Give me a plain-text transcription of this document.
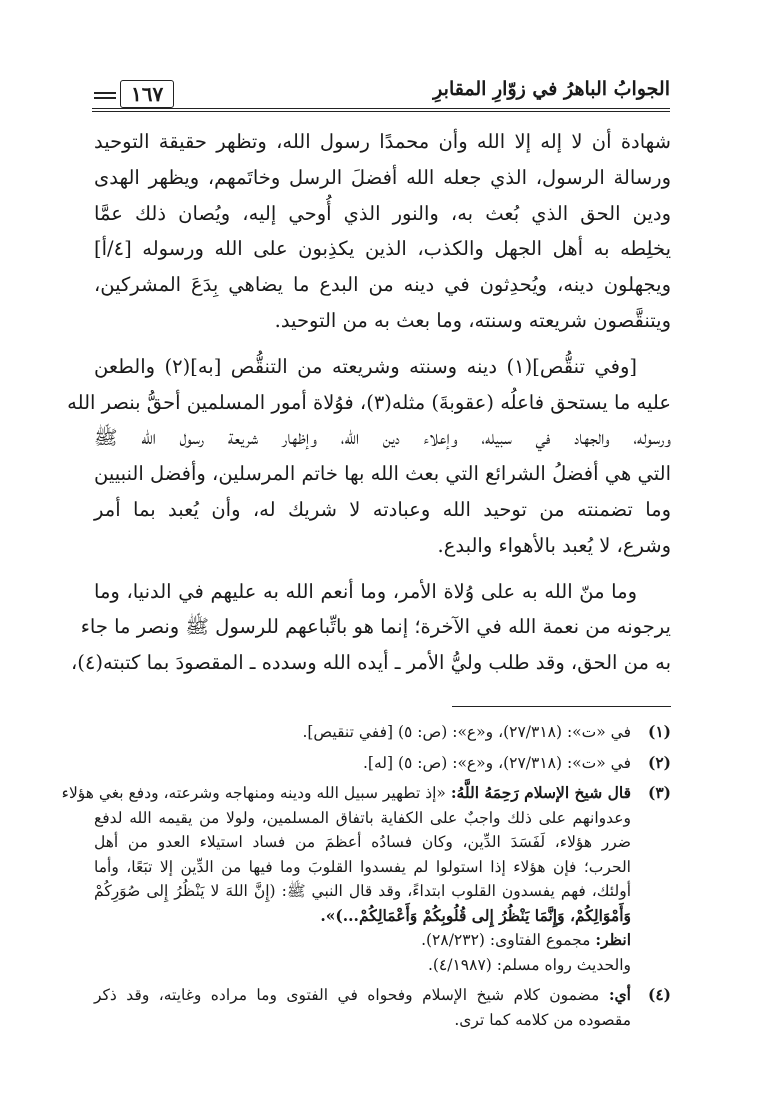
١٦٧	الجوابُ الباهرُ في زوّارِ المقابرِ

شهادة أن لا إله إلا الله وأن محمدًا رسول الله، وتظهر حقيقة التوحيد
ورسالة الرسول، الذي جعله الله أفضلَ الرسل وخاتَمهم، ويظهر الهدى
ودين الحق الذي بُعث به، والنور الذي أُوحي إليه، ويُصان ذلك عمَّا
يخلِطه به أهل الجهل والكذب، الذين يكذِبون على الله ورسوله [٤/أ]
ويجهلون دينه، ويُحدِثون في دينه من البدع ما يضاهي بِدَعَ المشركين،
ويتنقَّصون شريعته وسنته، وما بعث به من التوحيد.

[وفي تنقُّص](١) دينه وسنته وشريعته من التنقُّص [به](٢) والطعن
عليه ما يستحق فاعلُه (عقوبةَ) مثله(٣)، فوُلاة أمور المسلمين أحقُّ بنصر الله
ورسوله، والجهاد في سبيله، وإعلاء دين الله، وإظهار شريعة رسول الله ﷺ
التي هي أفضلُ الشرائع التي بعث الله بها خاتم المرسلين، وأفضل النبيين
وما تضمنته من توحيد الله وعبادته لا شريك له، وأن يُعبد بما أمر
وشرع، لا يُعبد بالأهواء والبدع.

وما منّ الله به على وُلاة الأمر، وما أنعم الله به عليهم في الدنيا، وما
يرجونه من نعمة الله في الآخرة؛ إنما هو باتِّباعهم للرسول ﷺ ونصر ما جاء
به من الحق، وقد طلب وليُّ الأمر ـ أيده الله وسدده ـ المقصودَ بما كتبته(٤)،

(١)
في «ت»: (٢٧/٣١٨)، و«ع»: (ص: ٥) [ففي تنقيص].
(٢)
في «ت»: (٢٧/٣١٨)، و«ع»: (ص: ٥) [له].
(٣)
قال شيخ الإسلام رَحِمَهُ اللَّهُ: «إذ تطهير سبيل الله ودينه ومنهاجه وشرعته، ودفع بغي هؤلاء
وعدوانهم على ذلك واجبٌ على الكفاية باتفاق المسلمين، ولولا من يقيمه الله لدفع
ضرر هؤلاء، لَفَسَدَ الدِّين، وكان فسادُه أعظمَ من فساد استيلاء العدو من أهل
الحرب؛ فإن هؤلاء إذا استولوا لم يفسدوا القلوبَ وما فيها من الدِّين إلا تبَعًا، وأما
أولئك، فهم يفسدون القلوب ابتداءً، وقد قال النبي ﷺ: (إِنَّ اللهَ لا يَنْظُرُ إِلى صُوَرِكُمْ
وَأَمْوَالِكُمْ، وَإِنَّمَا يَنْظُرُ إِلى قُلُوبِكُمْ وَأَعْمَالِكُمْ...)».
انظر: مجموع الفتاوى: (٢٨/٢٣٢).
والحديث رواه مسلم: (٤/١٩٨٧).
(٤)
أي: مضمون كلام شيخ الإسلام وفحواه في الفتوى وما مراده وغايته، وقد ذكر
مقصوده من كلامه كما ترى.
